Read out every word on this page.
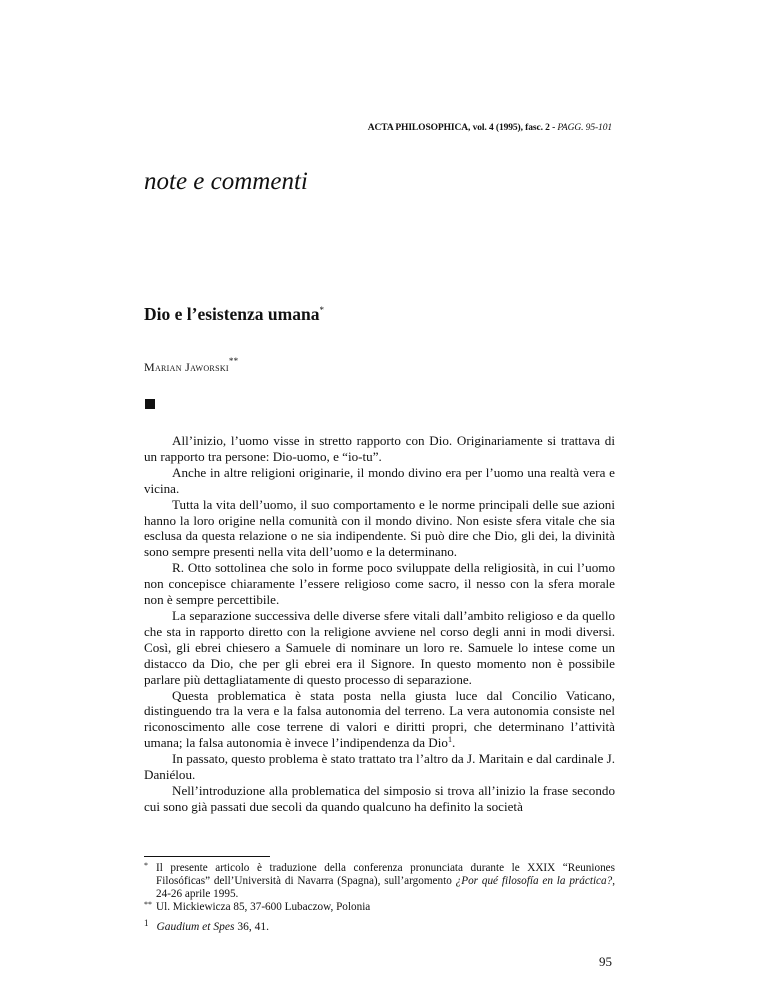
ACTA PHILOSOPHICA, vol. 4 (1995), fasc. 2 - PAGG. 95-101
note e commenti
Dio e l’esistenza umana*
Marian Jaworski**

All’inizio, l’uomo visse in stretto rapporto con Dio. Originariamente si trattava di un rapporto tra persone: Dio-uomo, e “io-tu”.

Anche in altre religioni originarie, il mondo divino era per l’uomo una realtà vera e vicina.

Tutta la vita dell’uomo, il suo comportamento e le norme principali delle sue azioni hanno la loro origine nella comunità con il mondo divino. Non esiste sfera vitale che sia esclusa da questa relazione o ne sia indipendente. Si può dire che Dio, gli dei, la divinità sono sempre presenti nella vita dell’uomo e la determinano.

R. Otto sottolinea che solo in forme poco sviluppate della religiosità, in cui l’uomo non concepisce chiaramente l’essere religioso come sacro, il nesso con la sfera morale non è sempre percettibile.

La separazione successiva delle diverse sfere vitali dall’ambito religioso e da quello che sta in rapporto diretto con la religione avviene nel corso degli anni in modi diversi. Così, gli ebrei chiesero a Samuele di nominare un loro re. Samuele lo intese come un distacco da Dio, che per gli ebrei era il Signore. In questo momento non è possibile parlare più dettagliatamente di questo processo di separazione.

Questa problematica è stata posta nella giusta luce dal Concilio Vaticano, distinguendo tra la vera e la falsa autonomia del terreno. La vera autonomia consiste nel riconoscimento alle cose terrene di valori e diritti propri, che determinano l’attività umana; la falsa autonomia è invece l’indipendenza da Dio$^1$.

In passato, questo problema è stato trattato tra l’altro da J. Maritain e dal cardinale J. Daniélou.

Nell’introduzione alla problematica del simposio si trova all’inizio la frase secondo cui sono già passati due secoli da quando qualcuno ha definito la società

* Il presente articolo è traduzione della conferenza pronunciata durante le XXIX “Reuniones Filosóficas” dell’Università di Navarra (Spagna), sull’argomento ¿Por qué filosofía en la práctica?, 24-26 aprile 1995.
** Ul. Mickiewicza 85, 37-600 Lubaczow, Polonia
$^1$ Gaudium et Spes 36, 41.
95
